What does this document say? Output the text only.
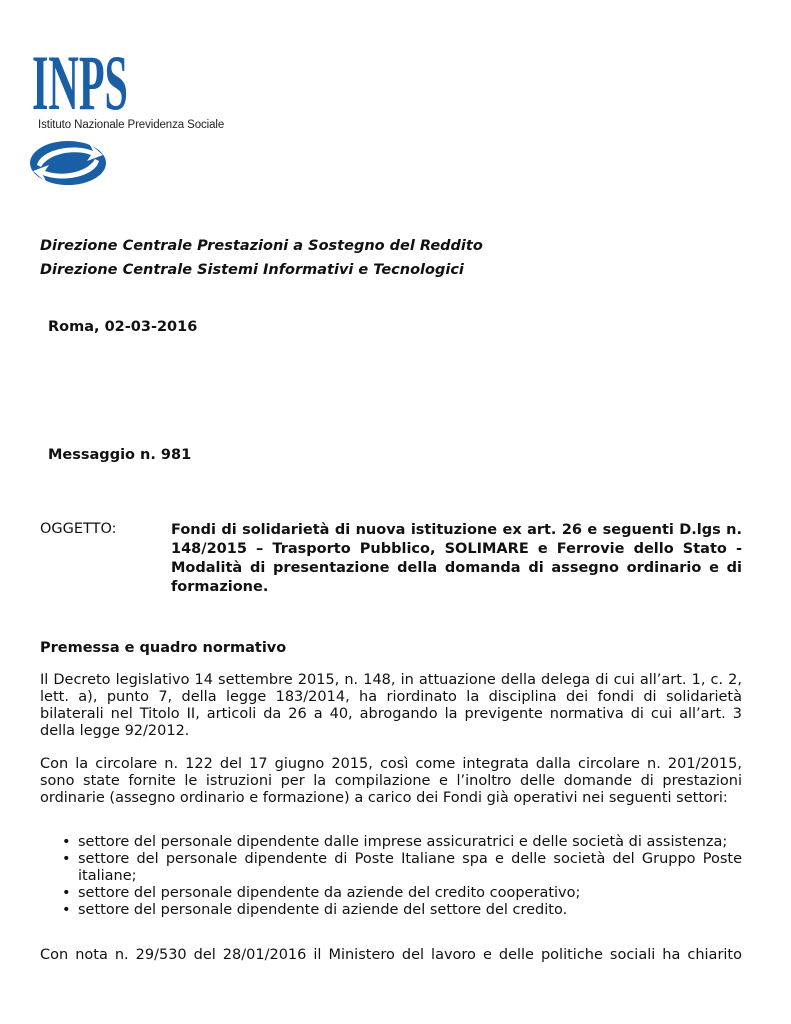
INPS
Istituto Nazionale Previdenza Sociale
Direzione Centrale Prestazioni a Sostegno del Reddito
Direzione Centrale Sistemi Informativi e Tecnologici
Roma, 02-03-2016
Messaggio n. 981
OGGETTO:	Fondi di solidarietà di nuova istituzione ex art. 26 e seguenti D.lgs n. 148/2015 – Trasporto Pubblico, SOLIMARE e Ferrovie dello Stato - Modalità di presentazione della domanda di assegno ordinario e di formazione.

Premessa e quadro normativo

Il Decreto legislativo 14 settembre 2015, n. 148, in attuazione della delega di cui all’art. 1, c. 2, lett. a), punto 7, della legge 183/2014, ha riordinato la disciplina dei fondi di solidarietà bilaterali nel Titolo II, articoli da 26 a 40, abrogando la previgente normativa di cui all’art. 3 della legge 92/2012.

Con la circolare n. 122 del 17 giugno 2015, così come integrata dalla circolare n. 201/2015, sono state fornite le istruzioni per la compilazione e l’inoltro delle domande di prestazioni ordinarie (assegno ordinario e formazione) a carico dei Fondi già operativi nei seguenti settori:

• settore del personale dipendente dalle imprese assicuratrici e delle società di assistenza;
• settore del personale dipendente di Poste Italiane spa e delle società del Gruppo Poste italiane;
• settore del personale dipendente da aziende del credito cooperativo;
• settore del personale dipendente di aziende del settore del credito.

Con nota n. 29/530 del 28/01/2016 il Ministero del lavoro e delle politiche sociali ha chiarito
